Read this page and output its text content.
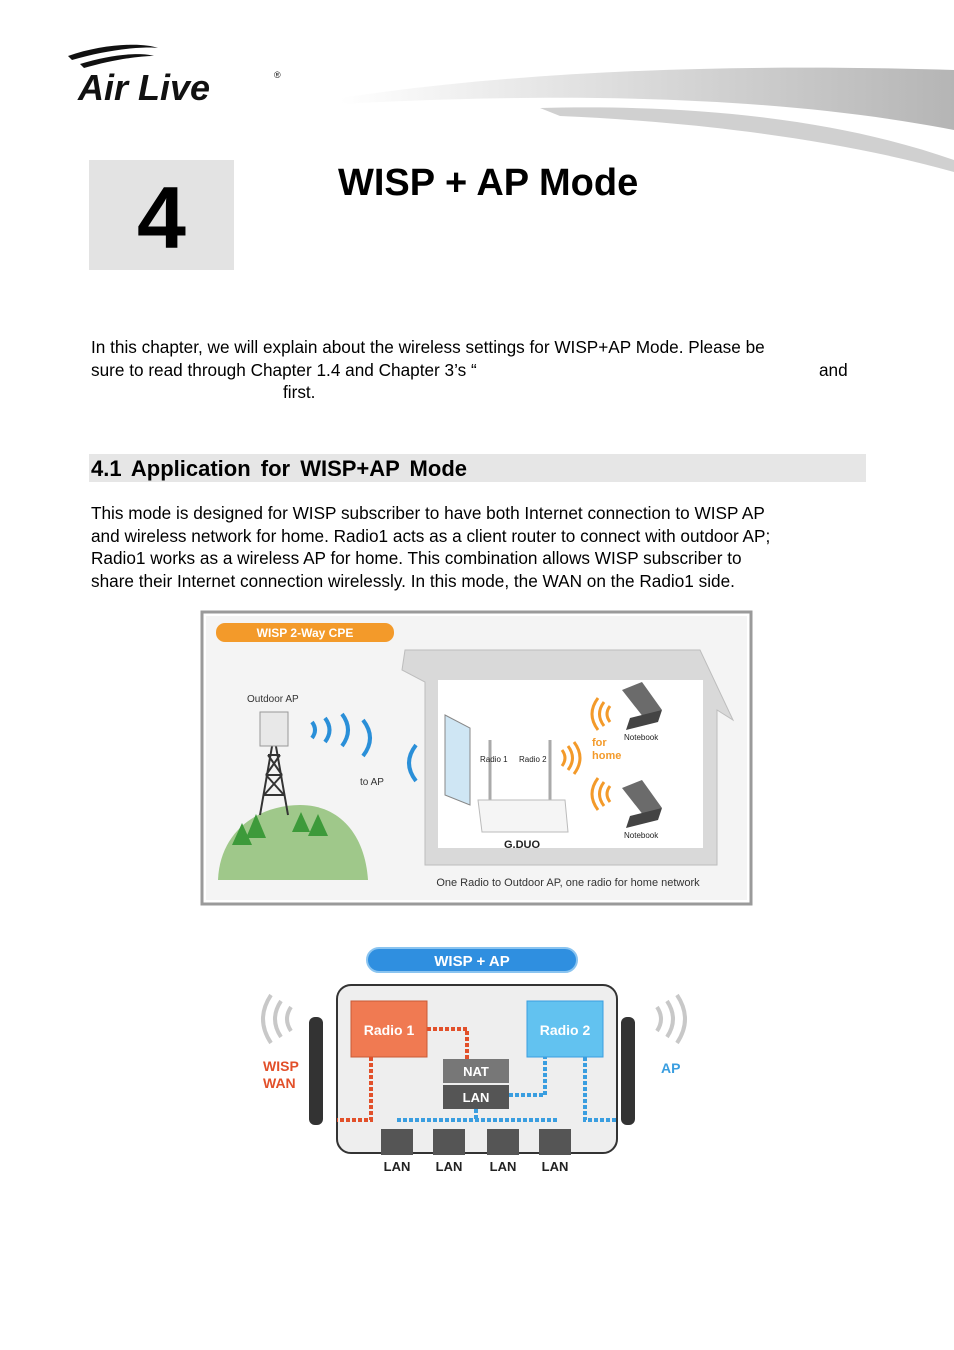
Air Live	®
4	WISP + AP Mode
In this chapter, we will explain about the wireless settings for WISP+AP Mode. Please be
sure to read through Chapter 1.4 and Chapter 3’s “	and
first.
4.1 Application for WISP+AP Mode
This mode is designed for WISP subscriber to have both Internet connection to WISP AP
and wireless network for home. Radio1 acts as a client router to connect with outdoor AP;
Radio1 works as a wireless AP for home. This combination allows WISP subscriber to
share their Internet connection wirelessly. In this mode, the WAN on the Radio1 side.
WISP 2-Way CPE
Outdoor AP
to AP
Radio 1 Radio 2
G.DUO
for
home
Notebook
Notebook
One Radio to Outdoor AP, one radio for home network
WISP + AP
Radio 1	Radio 2
NAT
LAN
LAN LAN LAN LAN
WISP
WAN
AP
